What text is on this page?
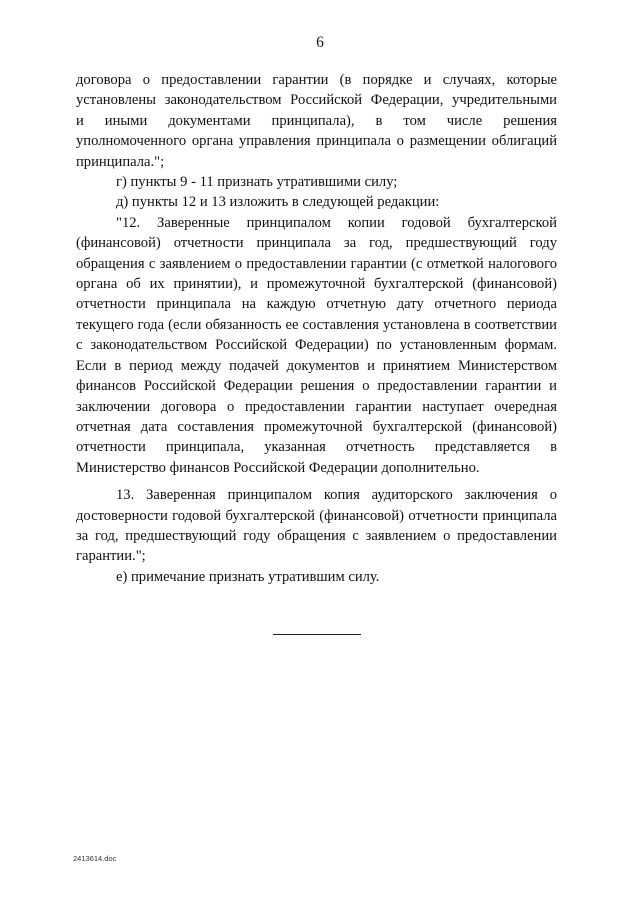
6
договора о предоставлении гарантии (в порядке и случаях, которые
установлены законодательством Российской Федерации, учредительными
и иными документами принципала), в том числе решения
уполномоченного органа управления принципала о размещении облигаций
принципала.";

г) пункты 9 - 11 признать утратившими силу;

д) пункты 12 и 13 изложить в следующей редакции:

"12. Заверенные принципалом копии годовой бухгалтерской (финансовой) отчетности принципала за год, предшествующий году обращения с заявлением о предоставлении гарантии (с отметкой налогового органа об их принятии), и промежуточной бухгалтерской (финансовой) отчетности принципала на каждую отчетную дату отчетного периода текущего года (если обязанность ее составления установлена в соответствии с законодательством Российской Федерации) по установленным формам. Если в период между подачей документов и принятием Министерством финансов Российской Федерации решения о предоставлении гарантии и заключении договора о предоставлении гарантии наступает очередная отчетная дата составления промежуточной бухгалтерской (финансовой) отчетности принципала, указанная отчетность представляется в Министерство финансов Российской Федерации дополнительно.

13. Заверенная принципалом копия аудиторского заключения о достоверности годовой бухгалтерской (финансовой) отчетности принципала за год, предшествующий году обращения с заявлением о предоставлении гарантии.";

е) примечание признать утратившим силу.

2413614.doc
